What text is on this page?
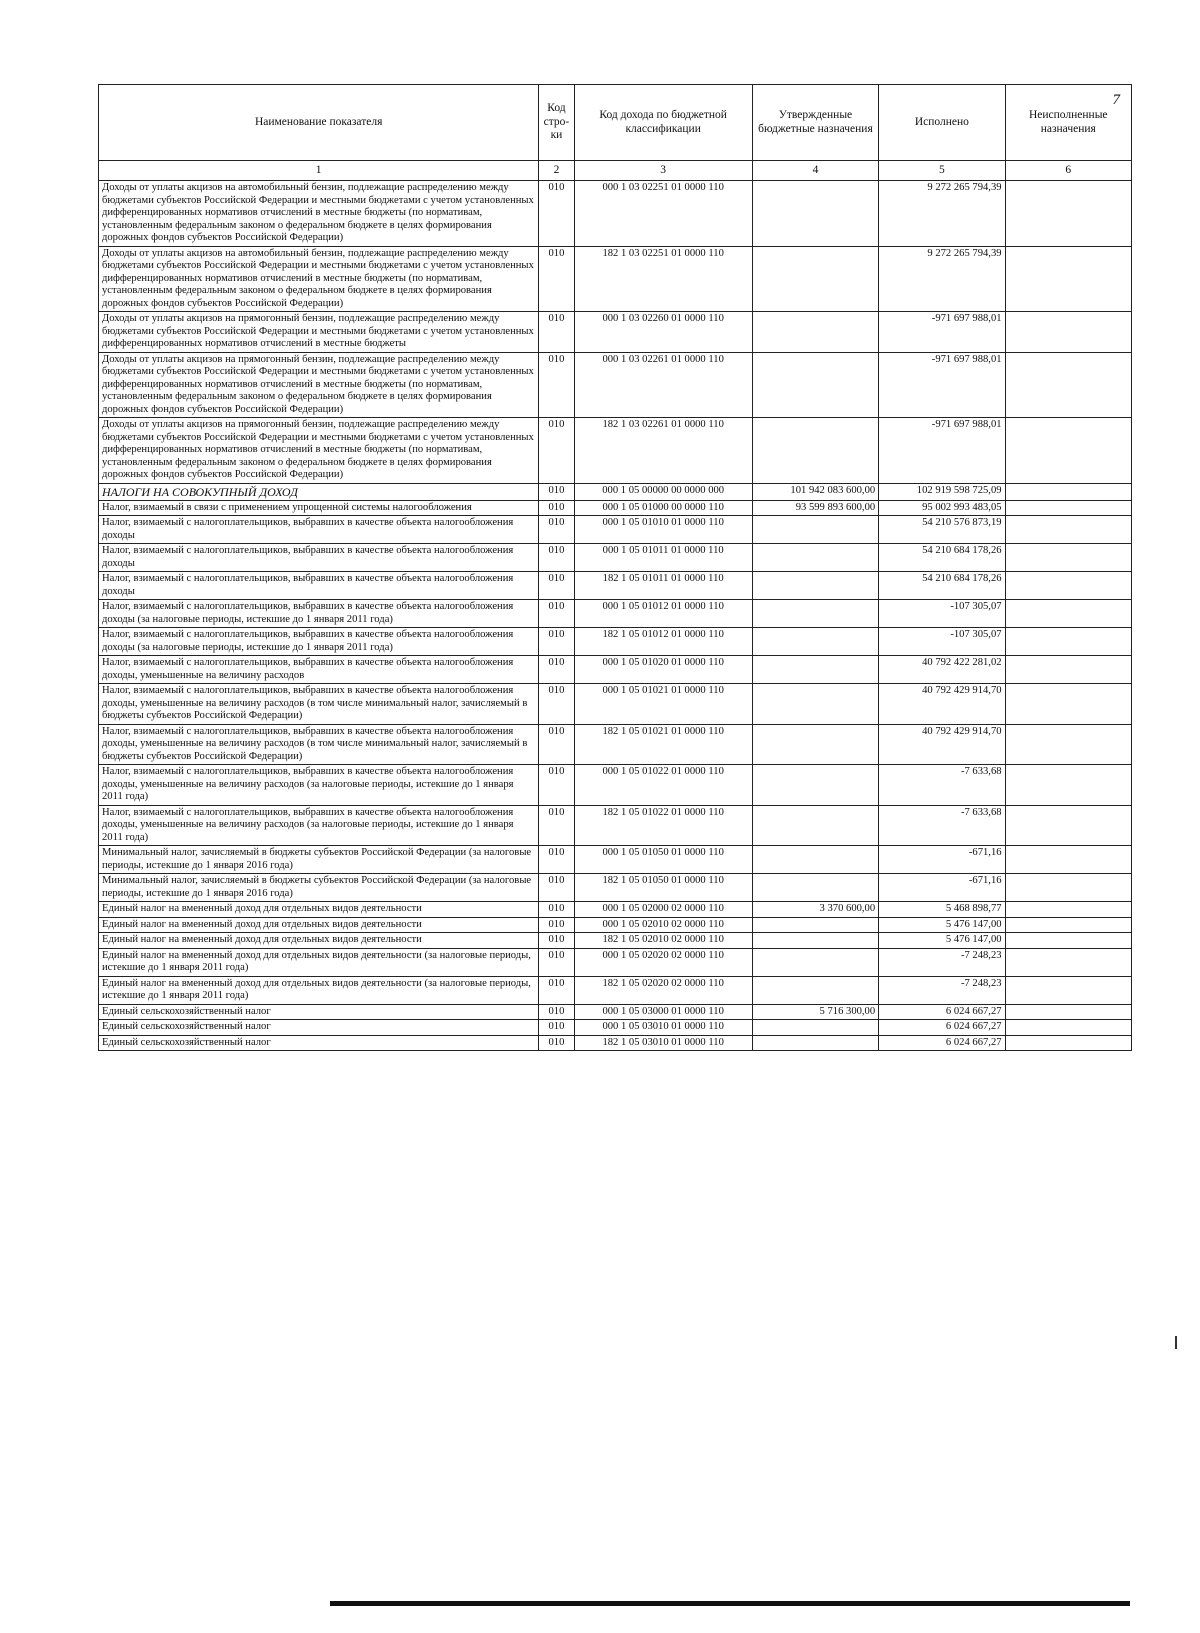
7
Наименование показателя	Код стро-ки	Код дохода по бюджетной классификации	Утвержденные бюджетные назначения	Исполнено	Неисполненные назначения
1	2	3	4	5	6
Доходы от уплаты акцизов на автомобильный бензин, подлежащие распределению между бюджетами субъектов Российской Федерации и местными бюджетами с учетом установленных дифференцированных нормативов отчислений в местные бюджеты (по нормативам, установленным федеральным законом о федеральном бюджете в целях формирования дорожных фондов субъектов Российской Федерации)	010	000 1 03 02251 01 0000 110		9 272 265 794,39	
Доходы от уплаты акцизов на автомобильный бензин, подлежащие распределению между бюджетами субъектов Российской Федерации и местными бюджетами с учетом установленных дифференцированных нормативов отчислений в местные бюджеты (по нормативам, установленным федеральным законом о федеральном бюджете в целях формирования дорожных фондов субъектов Российской Федерации)	010	182 1 03 02251 01 0000 110		9 272 265 794,39	
Доходы от уплаты акцизов на прямогонный бензин, подлежащие распределению между бюджетами субъектов Российской Федерации и местными бюджетами с учетом установленных дифференцированных нормативов отчислений в местные бюджеты	010	000 1 03 02260 01 0000 110		-971 697 988,01	
Доходы от уплаты акцизов на прямогонный бензин, подлежащие распределению между бюджетами субъектов Российской Федерации и местными бюджетами с учетом установленных дифференцированных нормативов отчислений в местные бюджеты (по нормативам, установленным федеральным законом о федеральном бюджете в целях формирования дорожных фондов субъектов Российской Федерации)	010	000 1 03 02261 01 0000 110		-971 697 988,01	
Доходы от уплаты акцизов на прямогонный бензин, подлежащие распределению между бюджетами субъектов Российской Федерации и местными бюджетами с учетом установленных дифференцированных нормативов отчислений в местные бюджеты (по нормативам, установленным федеральным законом о федеральном бюджете в целях формирования дорожных фондов субъектов Российской Федерации)	010	182 1 03 02261 01 0000 110		-971 697 988,01	
НАЛОГИ НА СОВОКУПНЫЙ ДОХОД	010	000 1 05 00000 00 0000 000	101 942 083 600,00	102 919 598 725,09	
Налог, взимаемый в связи с применением упрощенной системы налогообложения	010	000 1 05 01000 00 0000 110	93 599 893 600,00	95 002 993 483,05	
Налог, взимаемый с налогоплательщиков, выбравших в качестве объекта налогообложения доходы	010	000 1 05 01010 01 0000 110		54 210 576 873,19	
Налог, взимаемый с налогоплательщиков, выбравших в качестве объекта налогообложения доходы	010	000 1 05 01011 01 0000 110		54 210 684 178,26	
Налог, взимаемый с налогоплательщиков, выбравших в качестве объекта налогообложения доходы	010	182 1 05 01011 01 0000 110		54 210 684 178,26	
Налог, взимаемый с налогоплательщиков, выбравших в качестве объекта налогообложения доходы (за налоговые периоды, истекшие до 1 января 2011 года)	010	000 1 05 01012 01 0000 110		-107 305,07	
Налог, взимаемый с налогоплательщиков, выбравших в качестве объекта налогообложения доходы (за налоговые периоды, истекшие до 1 января 2011 года)	010	182 1 05 01012 01 0000 110		-107 305,07	
Налог, взимаемый с налогоплательщиков, выбравших в качестве объекта налогообложения доходы, уменьшенные на величину расходов	010	000 1 05 01020 01 0000 110		40 792 422 281,02	
Налог, взимаемый с налогоплательщиков, выбравших в качестве объекта налогообложения доходы, уменьшенные на величину расходов (в том числе минимальный налог, зачисляемый в бюджеты субъектов Российской Федерации)	010	000 1 05 01021 01 0000 110		40 792 429 914,70	
Налог, взимаемый с налогоплательщиков, выбравших в качестве объекта налогообложения доходы, уменьшенные на величину расходов (в том числе минимальный налог, зачисляемый в бюджеты субъектов Российской Федерации)	010	182 1 05 01021 01 0000 110		40 792 429 914,70	
Налог, взимаемый с налогоплательщиков, выбравших в качестве объекта налогообложения доходы, уменьшенные на величину расходов (за налоговые периоды, истекшие до 1 января 2011 года)	010	000 1 05 01022 01 0000 110		-7 633,68	
Налог, взимаемый с налогоплательщиков, выбравших в качестве объекта налогообложения доходы, уменьшенные на величину расходов (за налоговые периоды, истекшие до 1 января 2011 года)	010	182 1 05 01022 01 0000 110		-7 633,68	
Минимальный налог, зачисляемый в бюджеты субъектов Российской Федерации (за налоговые периоды, истекшие до 1 января 2016 года)	010	000 1 05 01050 01 0000 110		-671,16	
Минимальный налог, зачисляемый в бюджеты субъектов Российской Федерации (за налоговые периоды, истекшие до 1 января 2016 года)	010	182 1 05 01050 01 0000 110		-671,16	
Единый налог на вмененный доход для отдельных видов деятельности	010	000 1 05 02000 02 0000 110	3 370 600,00	5 468 898,77	
Единый налог на вмененный доход для отдельных видов деятельности	010	000 1 05 02010 02 0000 110		5 476 147,00	
Единый налог на вмененный доход для отдельных видов деятельности	010	182 1 05 02010 02 0000 110		5 476 147,00	
Единый налог на вмененный доход для отдельных видов деятельности (за налоговые периоды, истекшие до 1 января 2011 года)	010	000 1 05 02020 02 0000 110		-7 248,23	
Единый налог на вмененный доход для отдельных видов деятельности (за налоговые периоды, истекшие до 1 января 2011 года)	010	182 1 05 02020 02 0000 110		-7 248,23	
Единый сельскохозяйственный налог	010	000 1 05 03000 01 0000 110	5 716 300,00	6 024 667,27	
Единый сельскохозяйственный налог	010	000 1 05 03010 01 0000 110		6 024 667,27	
Единый сельскохозяйственный налог	010	182 1 05 03010 01 0000 110		6 024 667,27	
